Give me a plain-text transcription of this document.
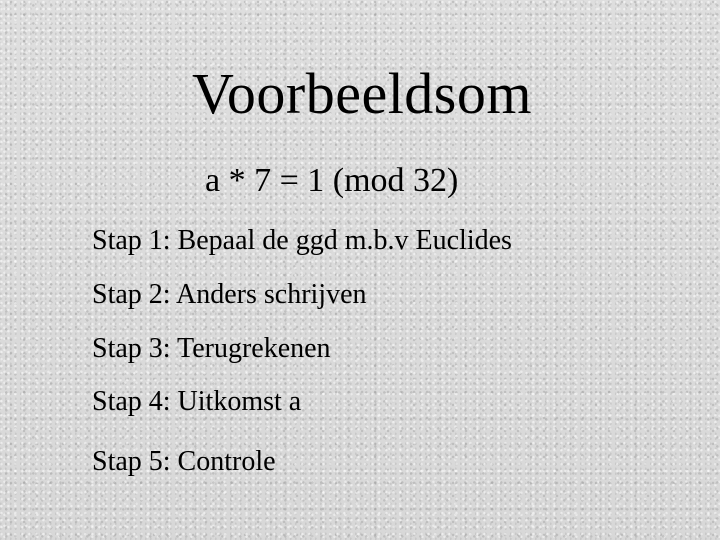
Voorbeeldsom
a * 7 = 1 (mod 32)
Stap 1: Bepaal de ggd m.b.v Euclides
Stap 2: Anders schrijven
Stap 3: Terugrekenen
Stap 4: Uitkomst a
Stap 5: Controle
